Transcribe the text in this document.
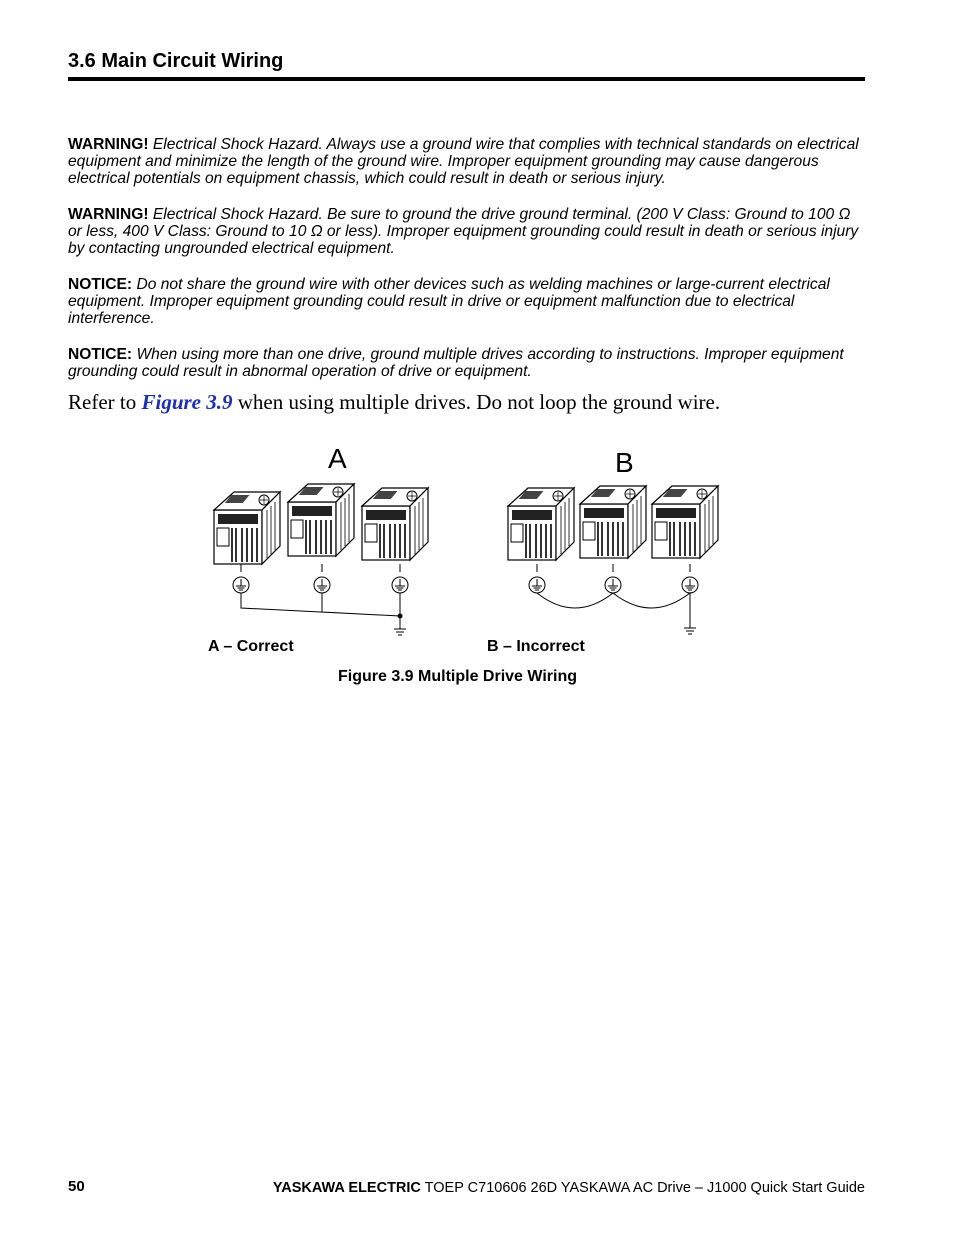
3.6 Main Circuit Wiring
WARNING! Electrical Shock Hazard. Always use a ground wire that complies with technical standards on electrical equipment and minimize the length of the ground wire. Improper equipment grounding may cause dangerous electrical potentials on equipment chassis, which could result in death or serious injury.
WARNING! Electrical Shock Hazard. Be sure to ground the drive ground terminal. (200 V Class: Ground to 100 Ω or less, 400 V Class: Ground to 10 Ω or less). Improper equipment grounding could result in death or serious injury by contacting ungrounded electrical equipment.
NOTICE: Do not share the ground wire with other devices such as welding machines or large-current electrical equipment. Improper equipment grounding could result in drive or equipment malfunction due to electrical interference.
NOTICE: When using more than one drive, ground multiple drives according to instructions. Improper equipment grounding could result in abnormal operation of drive or equipment.
Refer to Figure 3.9 when using multiple drives. Do not loop the ground wire.
A	B
A – Correct	B – Incorrect
Figure 3.9 Multiple Drive Wiring
50	YASKAWA ELECTRIC TOEP C710606 26D YASKAWA AC Drive – J1000 Quick Start Guide
